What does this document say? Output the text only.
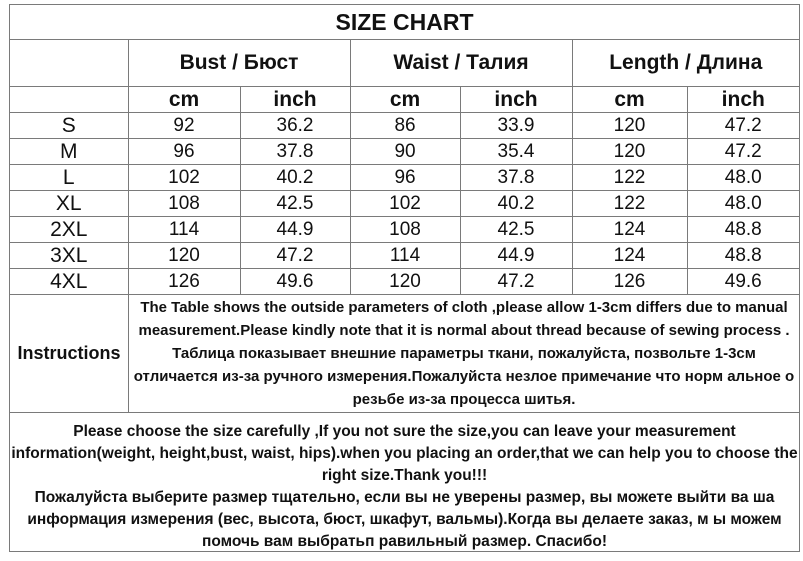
SIZE CHART
	Bust / Бюст		Waist / Талия		Length / Длина	
	cm	inch	cm	inch	cm	inch
S	92	36.2	86	33.9	120	47.2
M	96	37.8	90	35.4	120	47.2
L	102	40.2	96	37.8	122	48.0
XL	108	42.5	102	40.2	122	48.0
2XL	114	44.9	108	42.5	124	48.8
3XL	120	47.2	114	44.9	124	48.8
4XL	126	49.6	120	47.2	126	49.6
Instructions

The Table shows the outside parameters of cloth ,please allow 1-3cm differs due to manual measurement.Please kindly note that it is normal about thread because of sewing process .

Таблица показывает внешние параметры ткани, пожалуйста, позвольте 1-3см отличается из-за ручного измерения.Пожалуйста незлое примечание что норм альное о резьбе из-за процесса шитья.

Please choose the size carefully ,If you not sure the size,you can leave your measurement information(weight, height,bust, waist, hips).when you placing an order,that we can help you to choose the right size.Thank you!!!

Пожалуйста выберите размер тщательно, если вы не уверены размер, вы можете выйти ва ша информация измерения (вес, высота, бюст, шкафут, вальмы).Когда вы делаете заказ, м ы можем помочь вам выбратьп равильный размер. Спасибо!
